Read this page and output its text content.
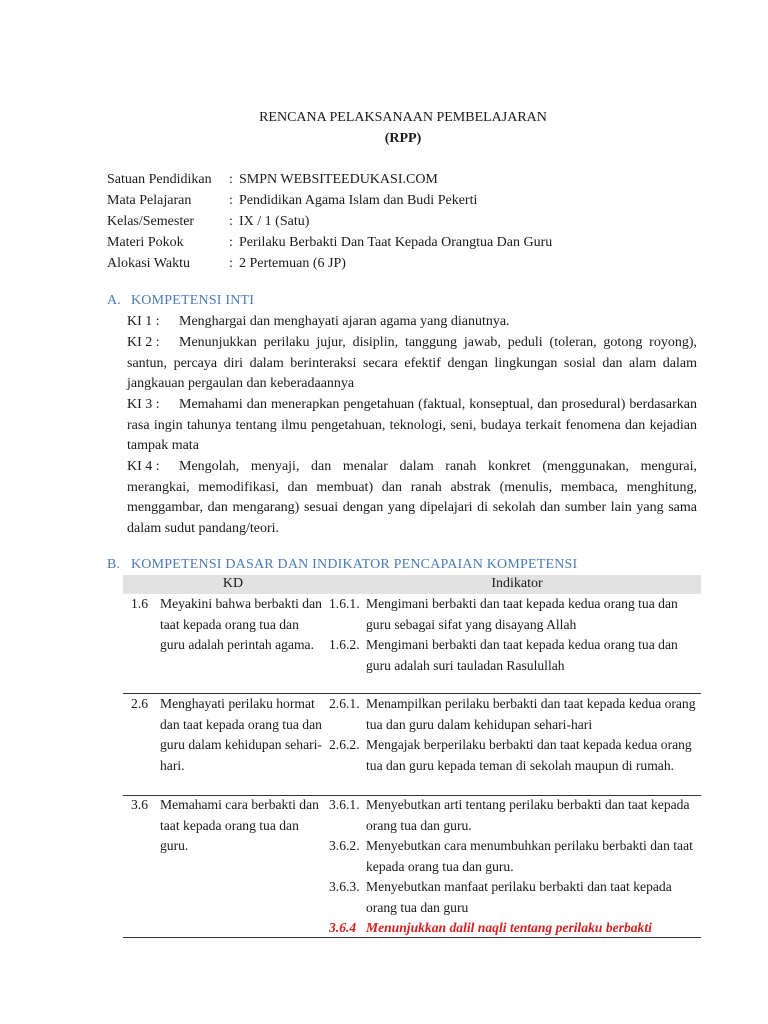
RENCANA PELAKSANAAN PEMBELAJARAN
(RPP)
Satuan Pendidikan	: SMPN WEBSITEEDUKASI.COM
Mata Pelajaran	: Pendidikan Agama Islam dan Budi Pekerti
Kelas/Semester	: IX / 1 (Satu)
Materi Pokok	: Perilaku Berbakti Dan Taat Kepada Orangtua Dan Guru
Alokasi Waktu	: 2 Pertemuan (6 JP)
A. KOMPETENSI INTI
KI 1 :	Menghargai dan menghayati ajaran agama yang dianutnya.
KI 2 :	Menunjukkan perilaku jujur, disiplin, tanggung jawab, peduli (toleran, gotong royong), santun, percaya diri dalam berinteraksi secara efektif dengan lingkungan sosial dan alam dalam jangkauan pergaulan dan keberadaannya
KI 3 :	Memahami dan menerapkan pengetahuan (faktual, konseptual, dan prosedural) berdasarkan rasa ingin tahunya tentang ilmu pengetahuan, teknologi, seni, budaya terkait fenomena dan kejadian tampak mata
KI 4 :	Mengolah, menyaji, dan menalar dalam ranah konkret (menggunakan, mengurai, merangkai, memodifikasi, dan membuat) dan ranah abstrak (menulis, membaca, menghitung, menggambar, dan mengarang) sesuai dengan yang dipelajari di sekolah dan sumber lain yang sama dalam sudut pandang/teori.
B. KOMPETENSI DASAR DAN INDIKATOR PENCAPAIAN KOMPETENSI
KD	Indikator
1.6 Meyakini bahwa berbakti dan taat kepada orang tua dan guru adalah perintah agama.
1.6.1. Mengimani berbakti dan taat kepada kedua orang tua dan guru sebagai sifat yang disayang Allah
1.6.2. Mengimani berbakti dan taat kepada kedua orang tua dan guru adalah suri tauladan Rasulullah
2.6 Menghayati perilaku hormat dan taat kepada orang tua dan guru dalam kehidupan sehari-hari.
2.6.1. Menampilkan perilaku berbakti dan taat kepada kedua orang tua dan guru dalam kehidupan sehari-hari
2.6.2. Mengajak berperilaku berbakti dan taat kepada kedua orang tua dan guru kepada teman di sekolah maupun di rumah.
3.6 Memahami cara berbakti dan taat kepada orang tua dan guru.
3.6.1. Menyebutkan arti tentang perilaku berbakti dan taat kepada orang tua dan guru.
3.6.2. Menyebutkan cara menumbuhkan perilaku berbakti dan taat kepada orang tua dan guru.
3.6.3. Menyebutkan manfaat perilaku berbakti dan taat kepada orang tua dan guru
3.6.4 Menunjukkan dalil naqli tentang perilaku berbakti
